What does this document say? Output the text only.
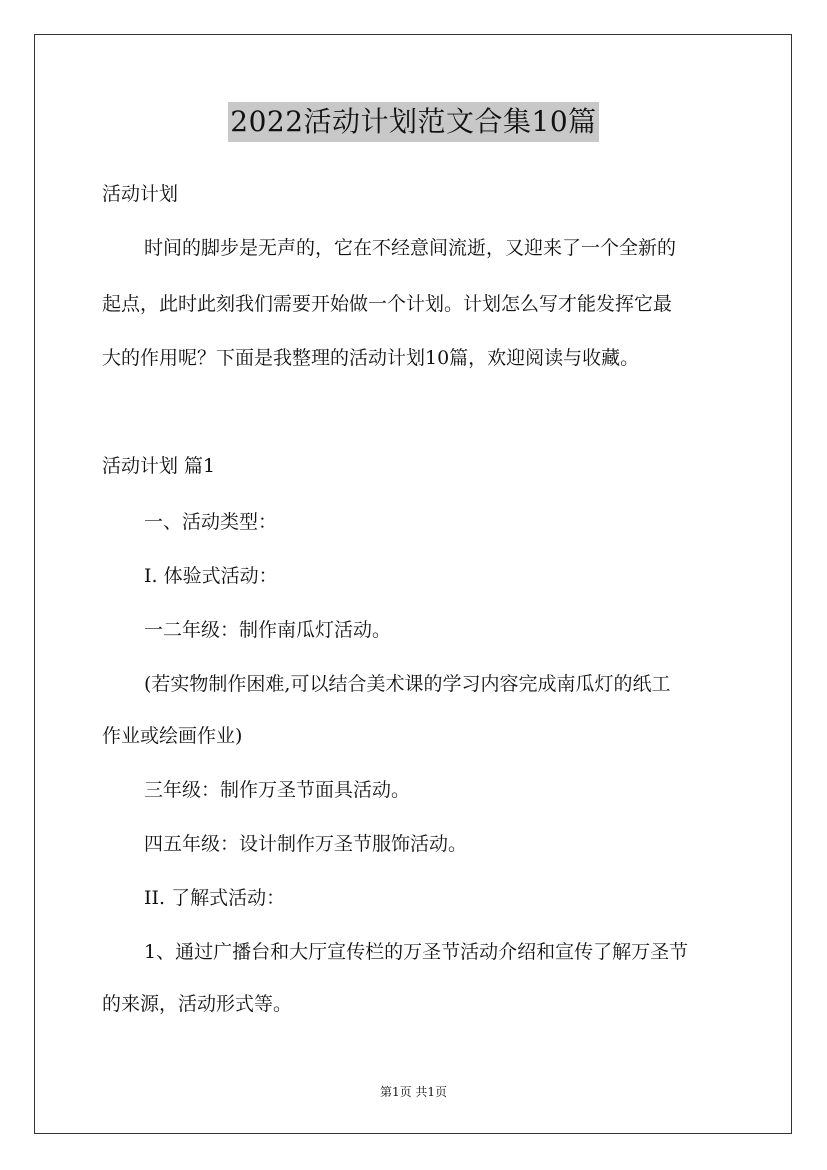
2022活动计划范文合集10篇
活动计划
时间的脚步是无声的，它在不经意间流逝，又迎来了一个全新的
起点，此时此刻我们需要开始做一个计划。计划怎么写才能发挥它最
大的作用呢？下面是我整理的活动计划10篇，欢迎阅读与收藏。
活动计划 篇1
一、活动类型：
I. 体验式活动：
一二年级：制作南瓜灯活动。
(若实物制作困难,可以结合美术课的学习内容完成南瓜灯的纸工
作业或绘画作业)
三年级：制作万圣节面具活动。
四五年级：设计制作万圣节服饰活动。
II. 了解式活动：
1、通过广播台和大厅宣传栏的万圣节活动介绍和宣传了解万圣节
的来源，活动形式等。
第1页 共1页
